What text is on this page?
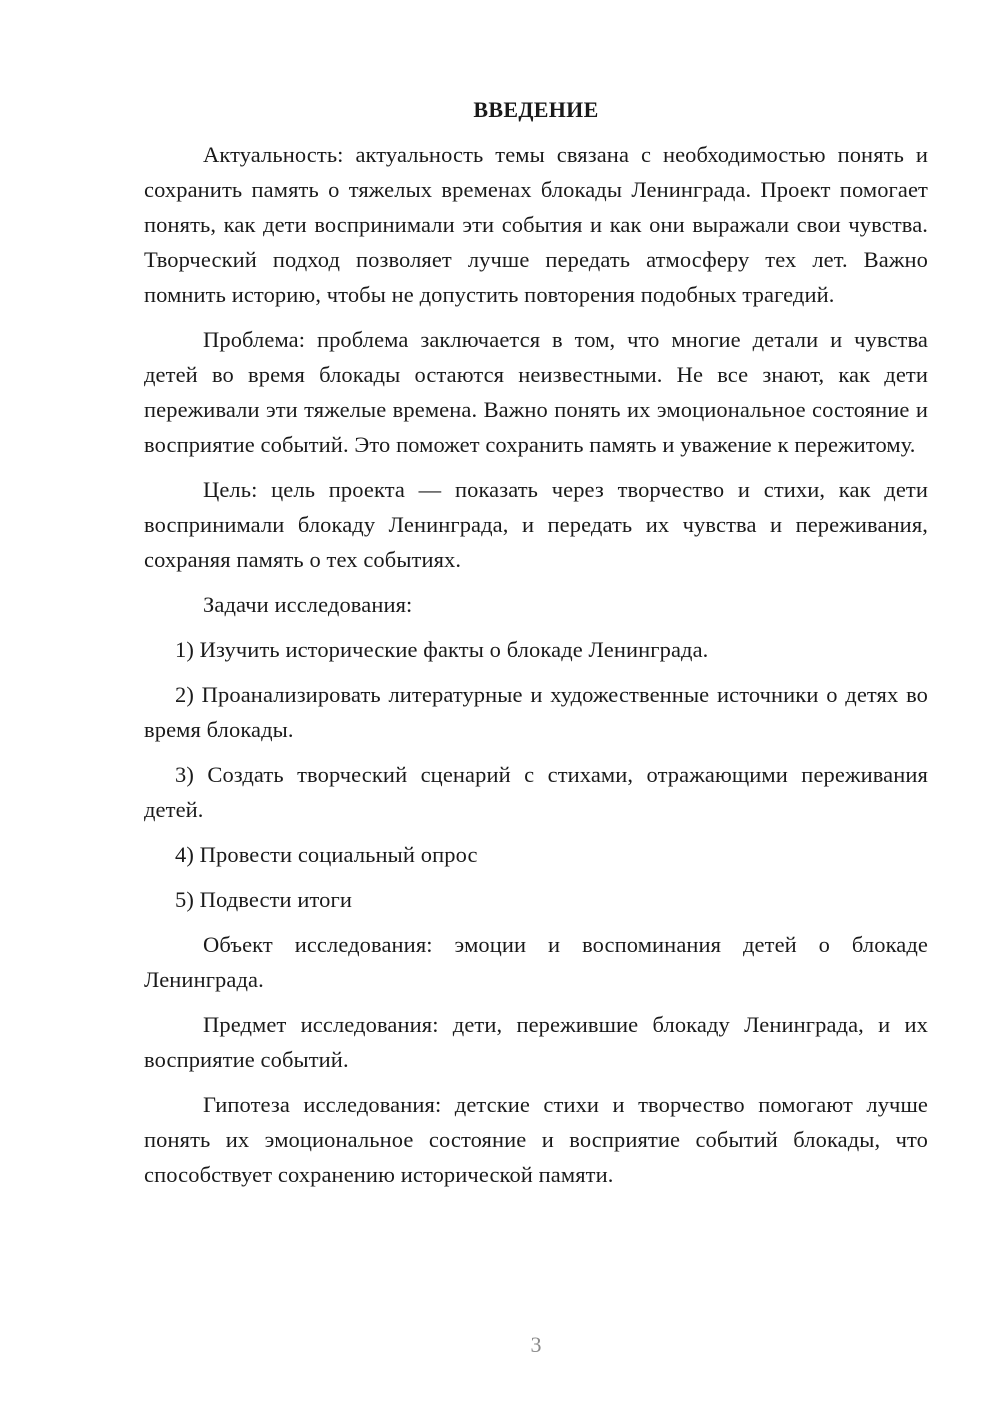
ВВЕДЕНИЕ

Актуальность: актуальность темы связана с необходимостью понять и сохранить память о тяжелых временах блокады Ленинграда. Проект помогает понять, как дети воспринимали эти события и как они выражали свои чувства. Творческий подход позволяет лучше передать атмосферу тех лет. Важно помнить историю, чтобы не допустить повторения подобных трагедий.

Проблема: проблема заключается в том, что многие детали и чувства детей во время блокады остаются неизвестными. Не все знают, как дети переживали эти тяжелые времена. Важно понять их эмоциональное состояние и восприятие событий. Это поможет сохранить память и уважение к пережитому.

Цель: цель проекта — показать через творчество и стихи, как дети воспринимали блокаду Ленинграда, и передать их чувства и переживания, сохраняя память о тех событиях.

Задачи исследования:

1) Изучить исторические факты о блокаде Ленинграда.

2) Проанализировать литературные и художественные источники о детях во время блокады.

3) Создать творческий сценарий с стихами, отражающими переживания детей.

4) Провести социальный опрос

5) Подвести итоги

Объект исследования: эмоции и воспоминания детей о блокаде Ленинграда.

Предмет исследования: дети, пережившие блокаду Ленинграда, и их восприятие событий.

Гипотеза исследования: детские стихи и творчество помогают лучше понять их эмоциональное состояние и восприятие событий блокады, что способствует сохранению исторической памяти.

3
